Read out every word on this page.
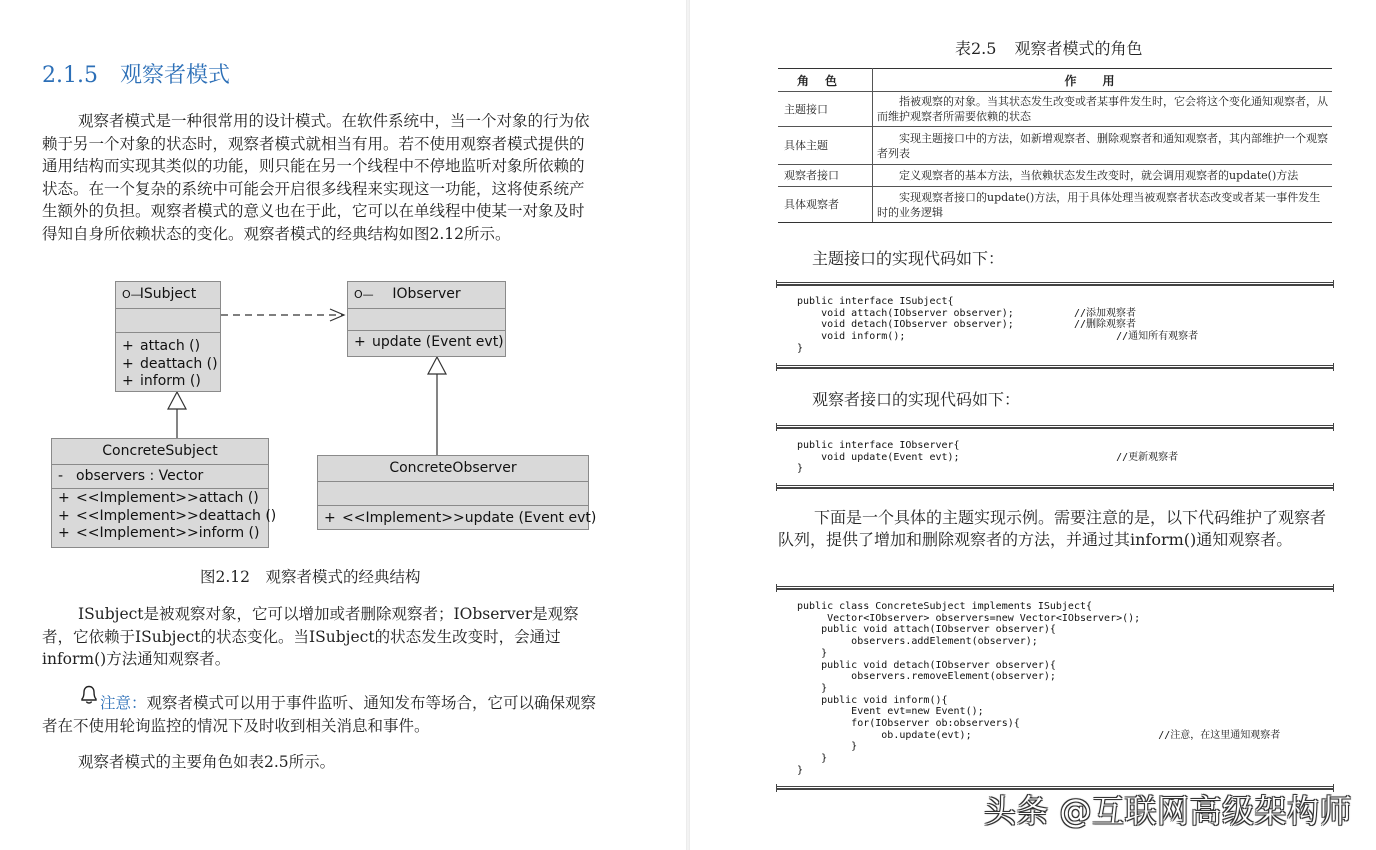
2.1.5 观察者模式
观察者模式是一种很常用的设计模式。在软件系统中，当一个对象的行为依赖于另一个对象的状态时，观察者模式就相当有用。若不使用观察者模式提供的通用结构而实现其类似的功能，则只能在另一个线程中不停地监听对象所依赖的状态。在一个复杂的系统中可能会开启很多线程来实现这一功能，这将使系统产生额外的负担。观察者模式的意义也在于此，它可以在单线程中使某一对象及时得知自身所依赖状态的变化。观察者模式的经典结构如图2.12所示。
O—
ISubject
+ attach ()
+ deattach ()
+ inform ()
O— IObserver
+ update (Event evt)
ConcreteSubject
- observers : Vector
+ <<Implement>>attach ()
+ <<Implement>>deattach ()
+ <<Implement>>inform ()
ConcreteObserver
+ <<Implement>>update (Event evt)
图2.12　观察者模式的经典结构
ISubject是被观察对象，它可以增加或者删除观察者；IObserver是观察者，它依赖于ISubject的状态变化。当ISubject的状态发生改变时，会通过inform()方法通知观察者。
注意：观察者模式可以用于事件监听、通知发布等场合，它可以确保观察者在不使用轮询监控的情况下及时收到相关消息和事件。
观察者模式的主要角色如表2.5所示。
表2.5 观察者模式的角色
角色	作用
主题接口	指被观察的对象。当其状态发生改变或者某事件发生时，它会将这个变化通知观察者，从而维护观察者所需要依赖的状态
具体主题	实现主题接口中的方法，如新增观察者、删除观察者和通知观察者，其内部维护一个观察者列表
观察者接口	定义观察者的基本方法，当依赖状态发生改变时，就会调用观察者的update()方法
具体观察者	实现观察者接口的update()方法，用于具体处理当被观察者状态改变或者某一事件发生时的业务逻辑
主题接口的实现代码如下：
public interface ISubject{
void attach(IObserver observer);          //添加观察者
void detach(IObserver observer);          //删除观察者
void inform();                                   //通知所有观察者
}
观察者接口的实现代码如下：
public interface IObserver{
void update(Event evt);                          //更新观察者
}
下面是一个具体的主题实现示例。需要注意的是，以下代码维护了观察者队列，提供了增加和删除观察者的方法，并通过其inform()通知观察者。
public class ConcreteSubject implements ISubject{
Vector<IObserver> observers=new Vector<IObserver>();
public void attach(IObserver observer){
observers.addElement(observer);
}
public void detach(IObserver observer){
observers.removeElement(observer);
}
public void inform(){
Event evt=new Event();
for(IObserver ob:observers){
ob.update(evt);                               //注意，在这里通知观察者
}
}
}
头条 @互联网高级架构师
